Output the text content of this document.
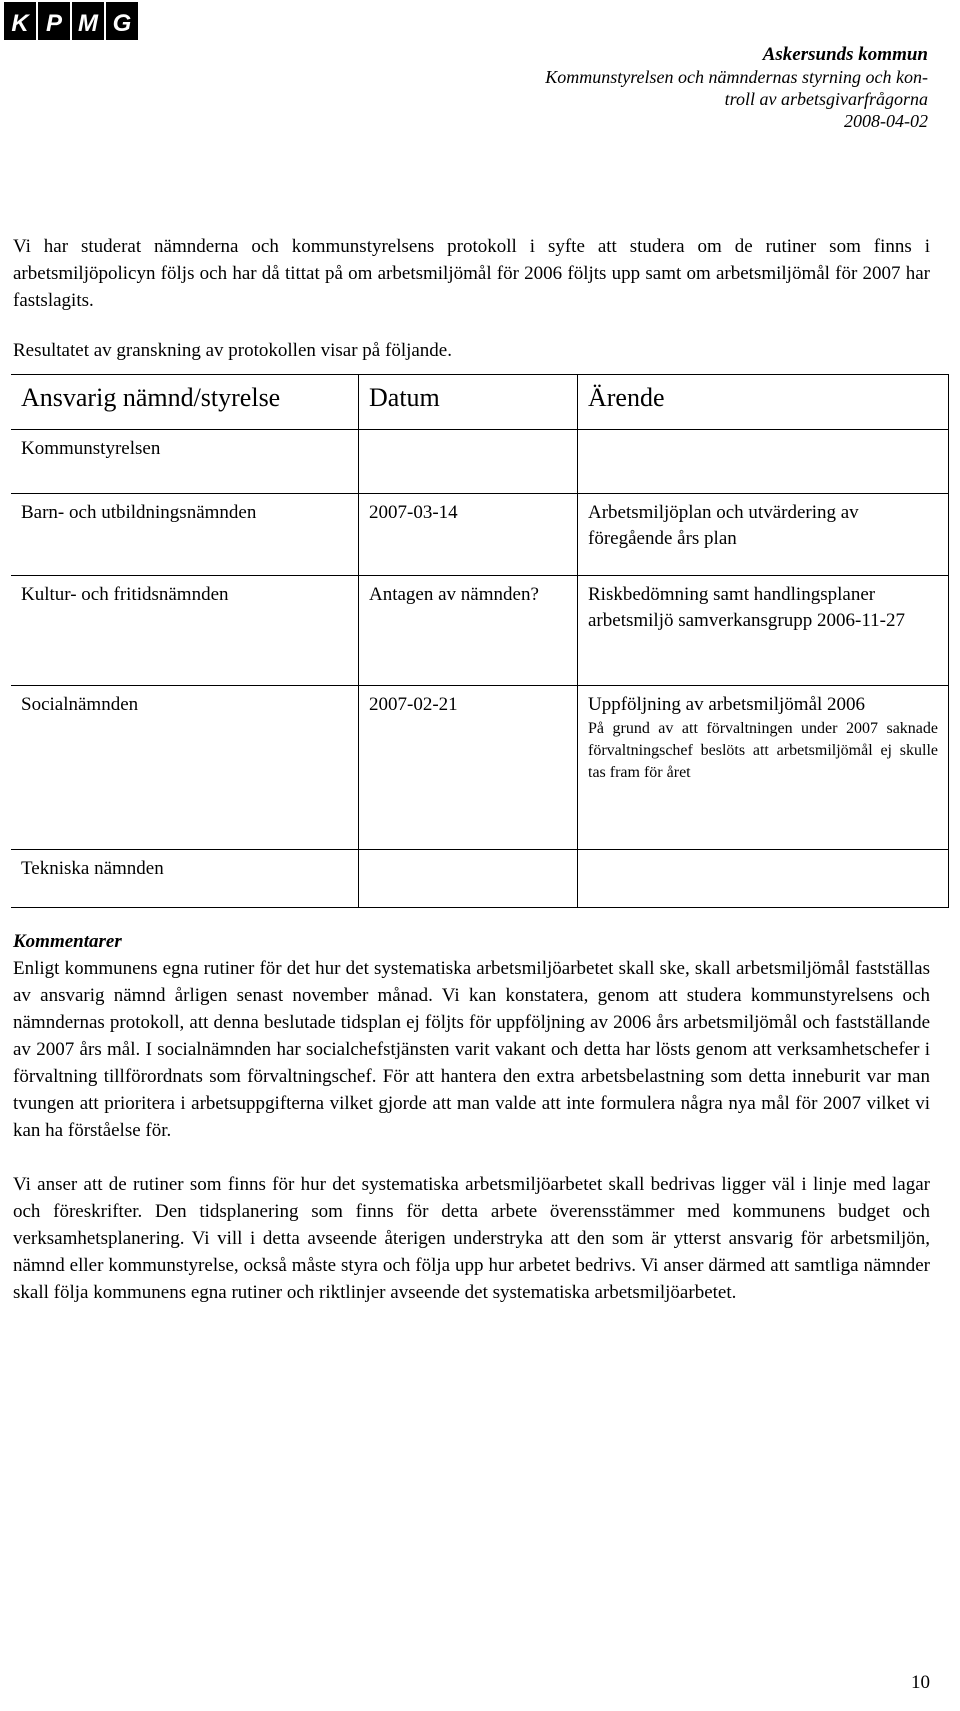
K P M G
Askersunds kommun
Kommunstyrelsen och nämndernas styrning och kon-
troll av arbetsgivarfrågorna
2008-04-02

Vi har studerat nämnderna och kommunstyrelsens protokoll i syfte att studera om de rutiner som finns i arbetsmiljöpolicyn följs och har då tittat på om arbetsmiljömål för 2006 följts upp samt om arbetsmiljömål för 2007 har fastslagits.

Resultatet av granskning av protokollen visar på följande.

Ansvarig nämnd/styrelse	Datum	Ärende
Kommunstyrelsen		
Barn- och utbildningsnämnden	2007-03-14	Arbetsmiljöplan och utvärdering av föregående års plan
Kultur- och fritidsnämnden	Antagen av nämnden?	Riskbedömning samt handlingsplaner arbetsmiljö samverkansgrupp 2006-11-27
Socialnämnden	2007-02-21	Uppföljning av arbetsmiljömål 2006
På grund av att förvaltningen under 2007 saknade förvaltningschef beslöts att arbetsmiljömål ej skulle tas fram för året

Tekniska nämnden		
Kommentarer

Enligt kommunens egna rutiner för det hur det systematiska arbetsmiljöarbetet skall ske, skall arbetsmiljömål fastställas av ansvarig nämnd årligen senast november månad. Vi kan konstatera, genom att studera kommunstyrelsens och nämndernas protokoll, att denna beslutade tidsplan ej följts för uppföljning av 2006 års arbetsmiljömål och fastställande av 2007 års mål. I socialnämnden har socialchefstjänsten varit vakant och detta har lösts genom att verksamhetschefer i förvaltning tillförordnats som förvaltningschef. För att hantera den extra arbetsbelastning som detta inneburit var man tvungen att prioritera i arbetsuppgifterna vilket gjorde att man valde att inte formulera några nya mål för 2007 vilket vi kan ha förståelse för.

Vi anser att de rutiner som finns för hur det systematiska arbetsmiljöarbetet skall bedrivas ligger väl i linje med lagar och föreskrifter. Den tidsplanering som finns för detta arbete överensstämmer med kommunens budget och verksamhetsplanering. Vi vill i detta avseende återigen understryka att den som är ytterst ansvarig för arbetsmiljön, nämnd eller kommunstyrelse, också måste styra och följa upp hur arbetet bedrivs. Vi anser därmed att samtliga nämnder skall följa kommunens egna rutiner och riktlinjer avseende det systematiska arbetsmiljöarbetet.

10
